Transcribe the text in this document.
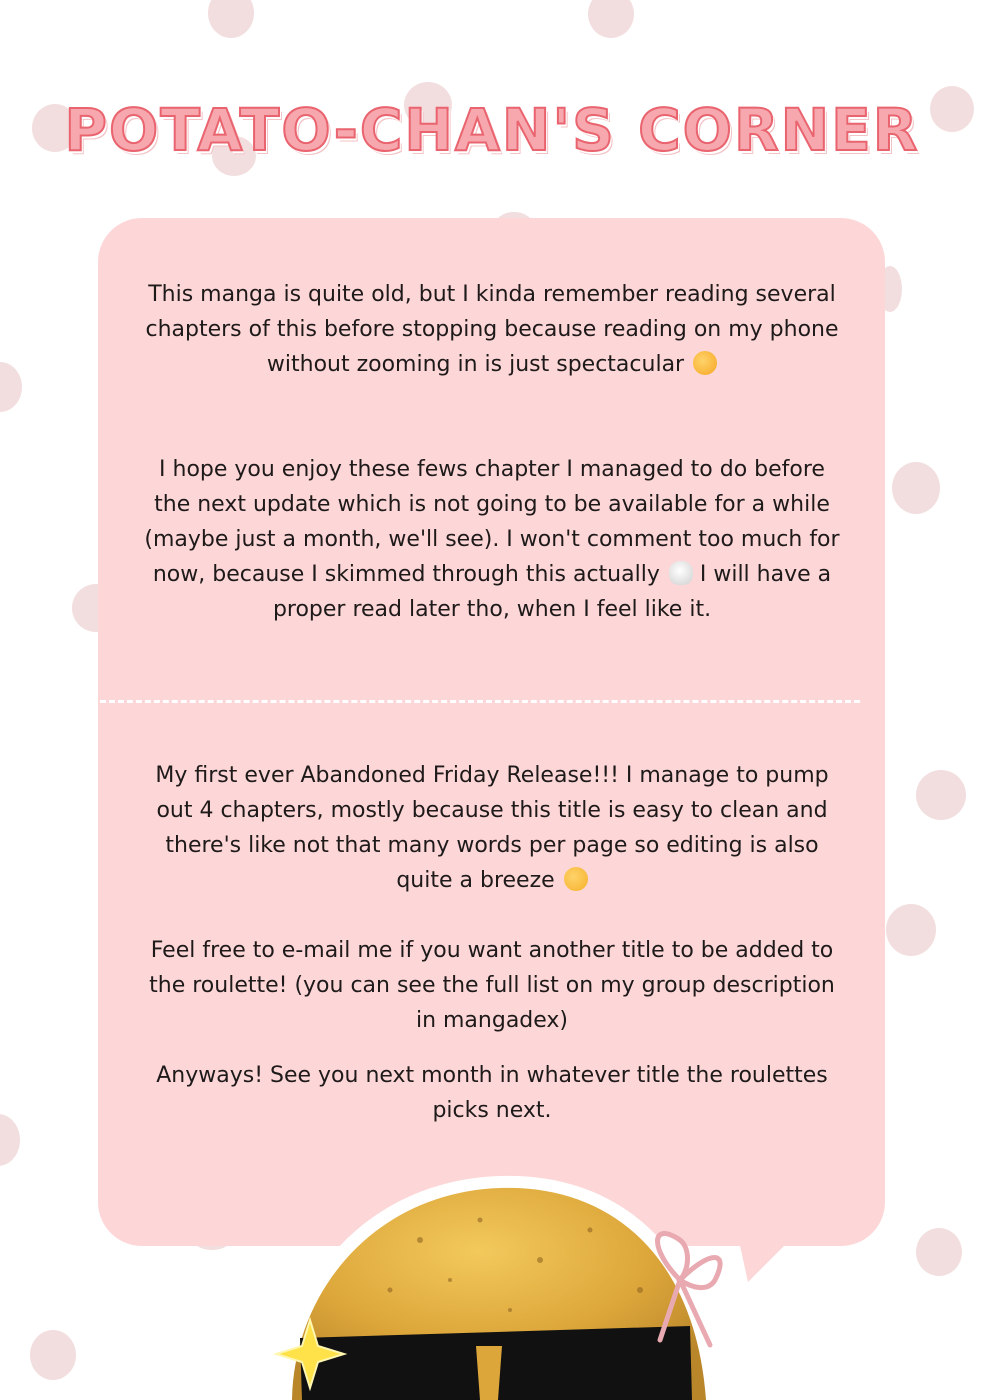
POTATO-CHAN'S CORNER

This manga is quite old, but I kinda remember reading several chapters of this before stopping because reading on my phone without zooming in is just spectacular

I hope you enjoy these fews chapter I managed to do before the next update which is not going to be available for a while (maybe just a month, we'll see). I won't comment too much for now, because I skimmed through this actually I will have a proper read later tho, when I feel like it.

My first ever Abandoned Friday Release!!! I manage to pump out 4 chapters, mostly because this title is easy to clean and there's like not that many words per page so editing is also quite a breeze

Feel free to e-mail me if you want another title to be added to the roulette! (you can see the full list on my group description in mangadex)

Anyways! See you next month in whatever title the roulettes picks next.
